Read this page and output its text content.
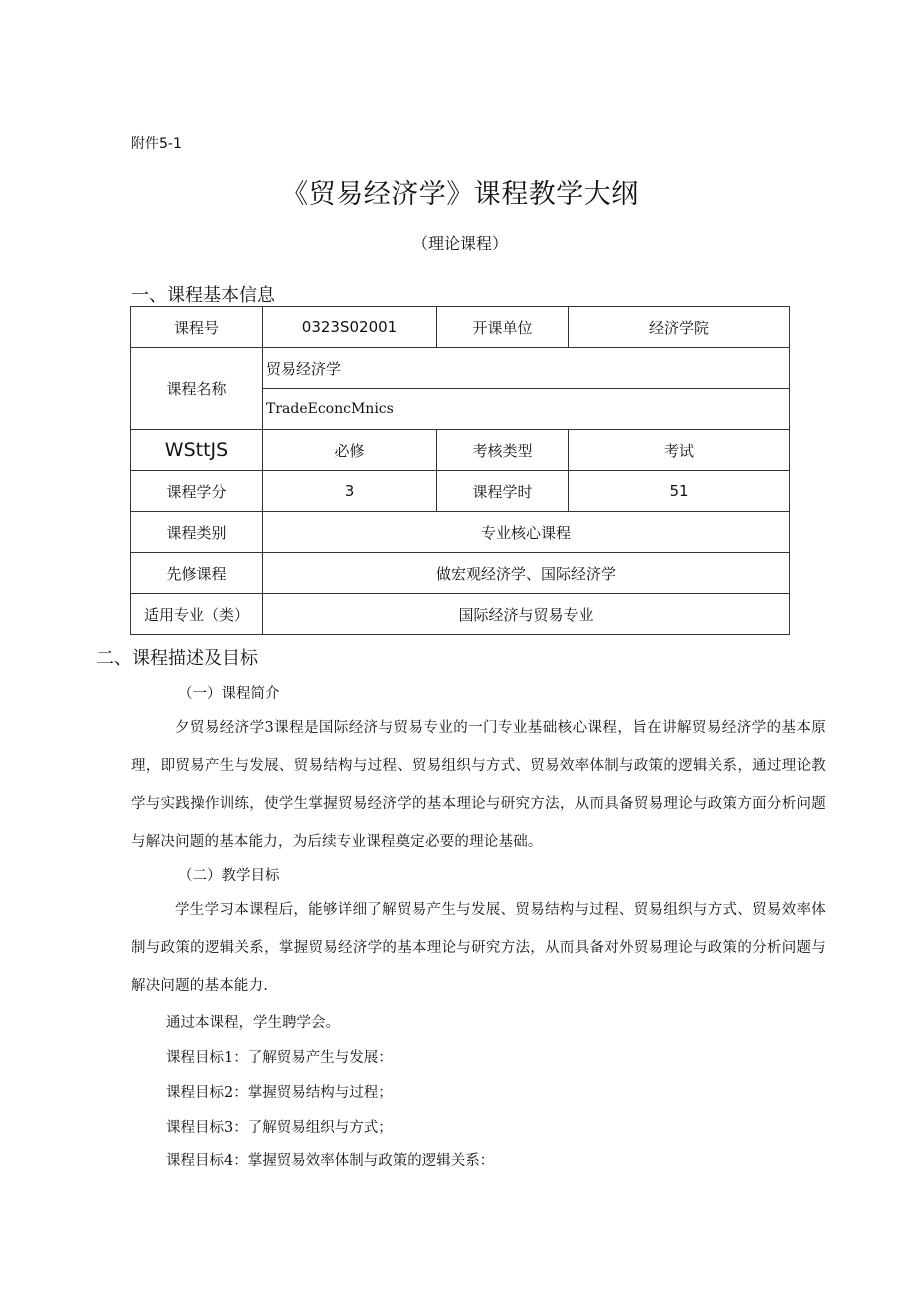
附件5-1
《贸易经济学》课程教学大纲
（理论课程）
一、课程基本信息
课程号	0323S02001	开课单位	经济学院
课程名称	贸易经济学		
	TradeEconcMnics		
WSttJS	必修	考核类型	考试
课程学分	3	课程学时	51
课程类别	专业核心课程		
先修课程	做宏观经济学、国际经济学		
适用专业（类）	国际经济与贸易专业		
二、课程描述及目标
（一）课程简介
夕贸易经济学3课程是国际经济与贸易专业的一门专业基础核心课程，旨在讲解贸易经济学的基本原理，即贸易产生与发展、贸易结构与过程、贸易组织与方式、贸易效率体制与政策的逻辑关系，通过理论教学与实践操作训练，使学生掌握贸易经济学的基本理论与研究方法，从而具备贸易理论与政策方面分析问题与解决问题的基本能力，为后续专业课程奠定必要的理论基础。
（二）教学目标
学生学习本课程后，能够详细了解贸易产生与发展、贸易结构与过程、贸易组织与方式、贸易效率体制与政策的逻辑关系，掌握贸易经济学的基本理论与研究方法，从而具备对外贸易理论与政策的分析问题与解决问题的基本能力.
通过本课程，学生聘学会。
课程目标1：了解贸易产生与发展：
课程目标2：掌握贸易结构与过程；
课程目标3：了解贸易组织与方式；
课程目标4：掌握贸易效率体制与政策的逻辑关系：
